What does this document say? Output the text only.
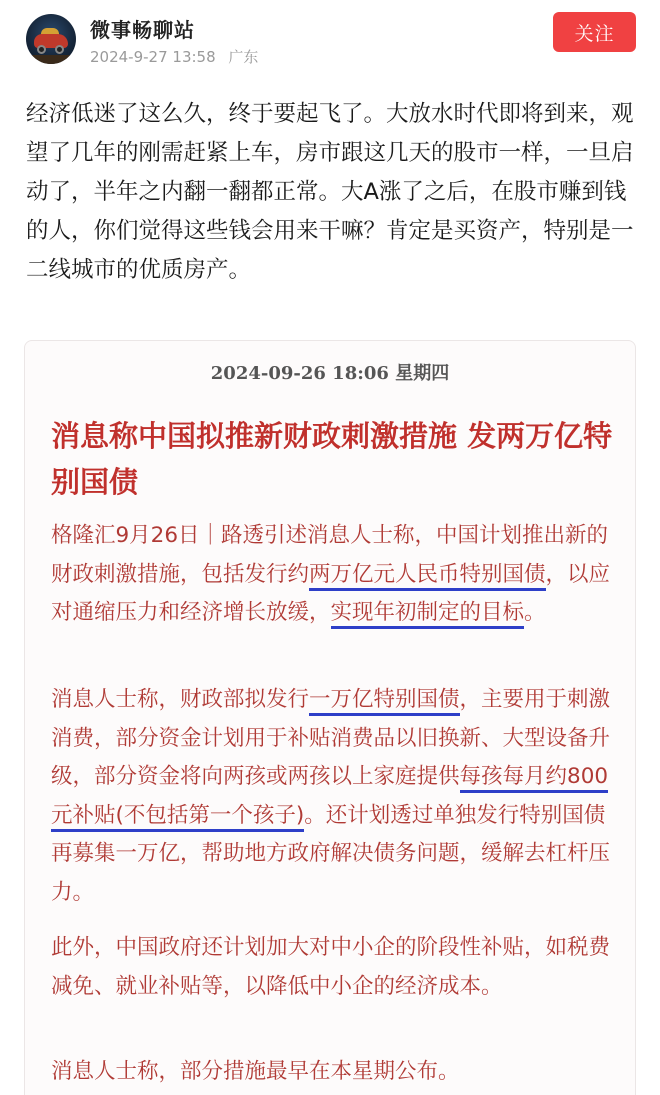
微事畅聊站
2024-9-27 13:58 广东
关注
经济低迷了这么久，终于要起飞了。大放水时代即将到来，观望了几年的刚需赶紧上车，房市跟这几天的股市一样，一旦启动了，半年之内翻一翻都正常。大A涨了之后，在股市赚到钱的人，你们觉得这些钱会用来干嘛？肯定是买资产，特别是一二线城市的优质房产。
2024-09-26 18:06 星期四
消息称中国拟推新财政刺激措施 发两万亿特别国债
格隆汇9月26日｜路透引述消息人士称，中国计划推出新的财政刺激措施，包括发行约两万亿元人民币特别国债，以应对通缩压力和经济增长放缓，实现年初制定的目标。
消息人士称，财政部拟发行一万亿特别国债，主要用于刺激消费，部分资金计划用于补贴消费品以旧换新、大型设备升级，部分资金将向两孩或两孩以上家庭提供每孩每月约800元补贴(不包括第一个孩子)。还计划透过单独发行特别国债再募集一万亿，帮助地方政府解决债务问题，缓解去杠杆压力。
此外，中国政府还计划加大对中小企的阶段性补贴，如税费减免、就业补贴等，以降低中小企的经济成本。
消息人士称，部分措施最早在本星期公布。
